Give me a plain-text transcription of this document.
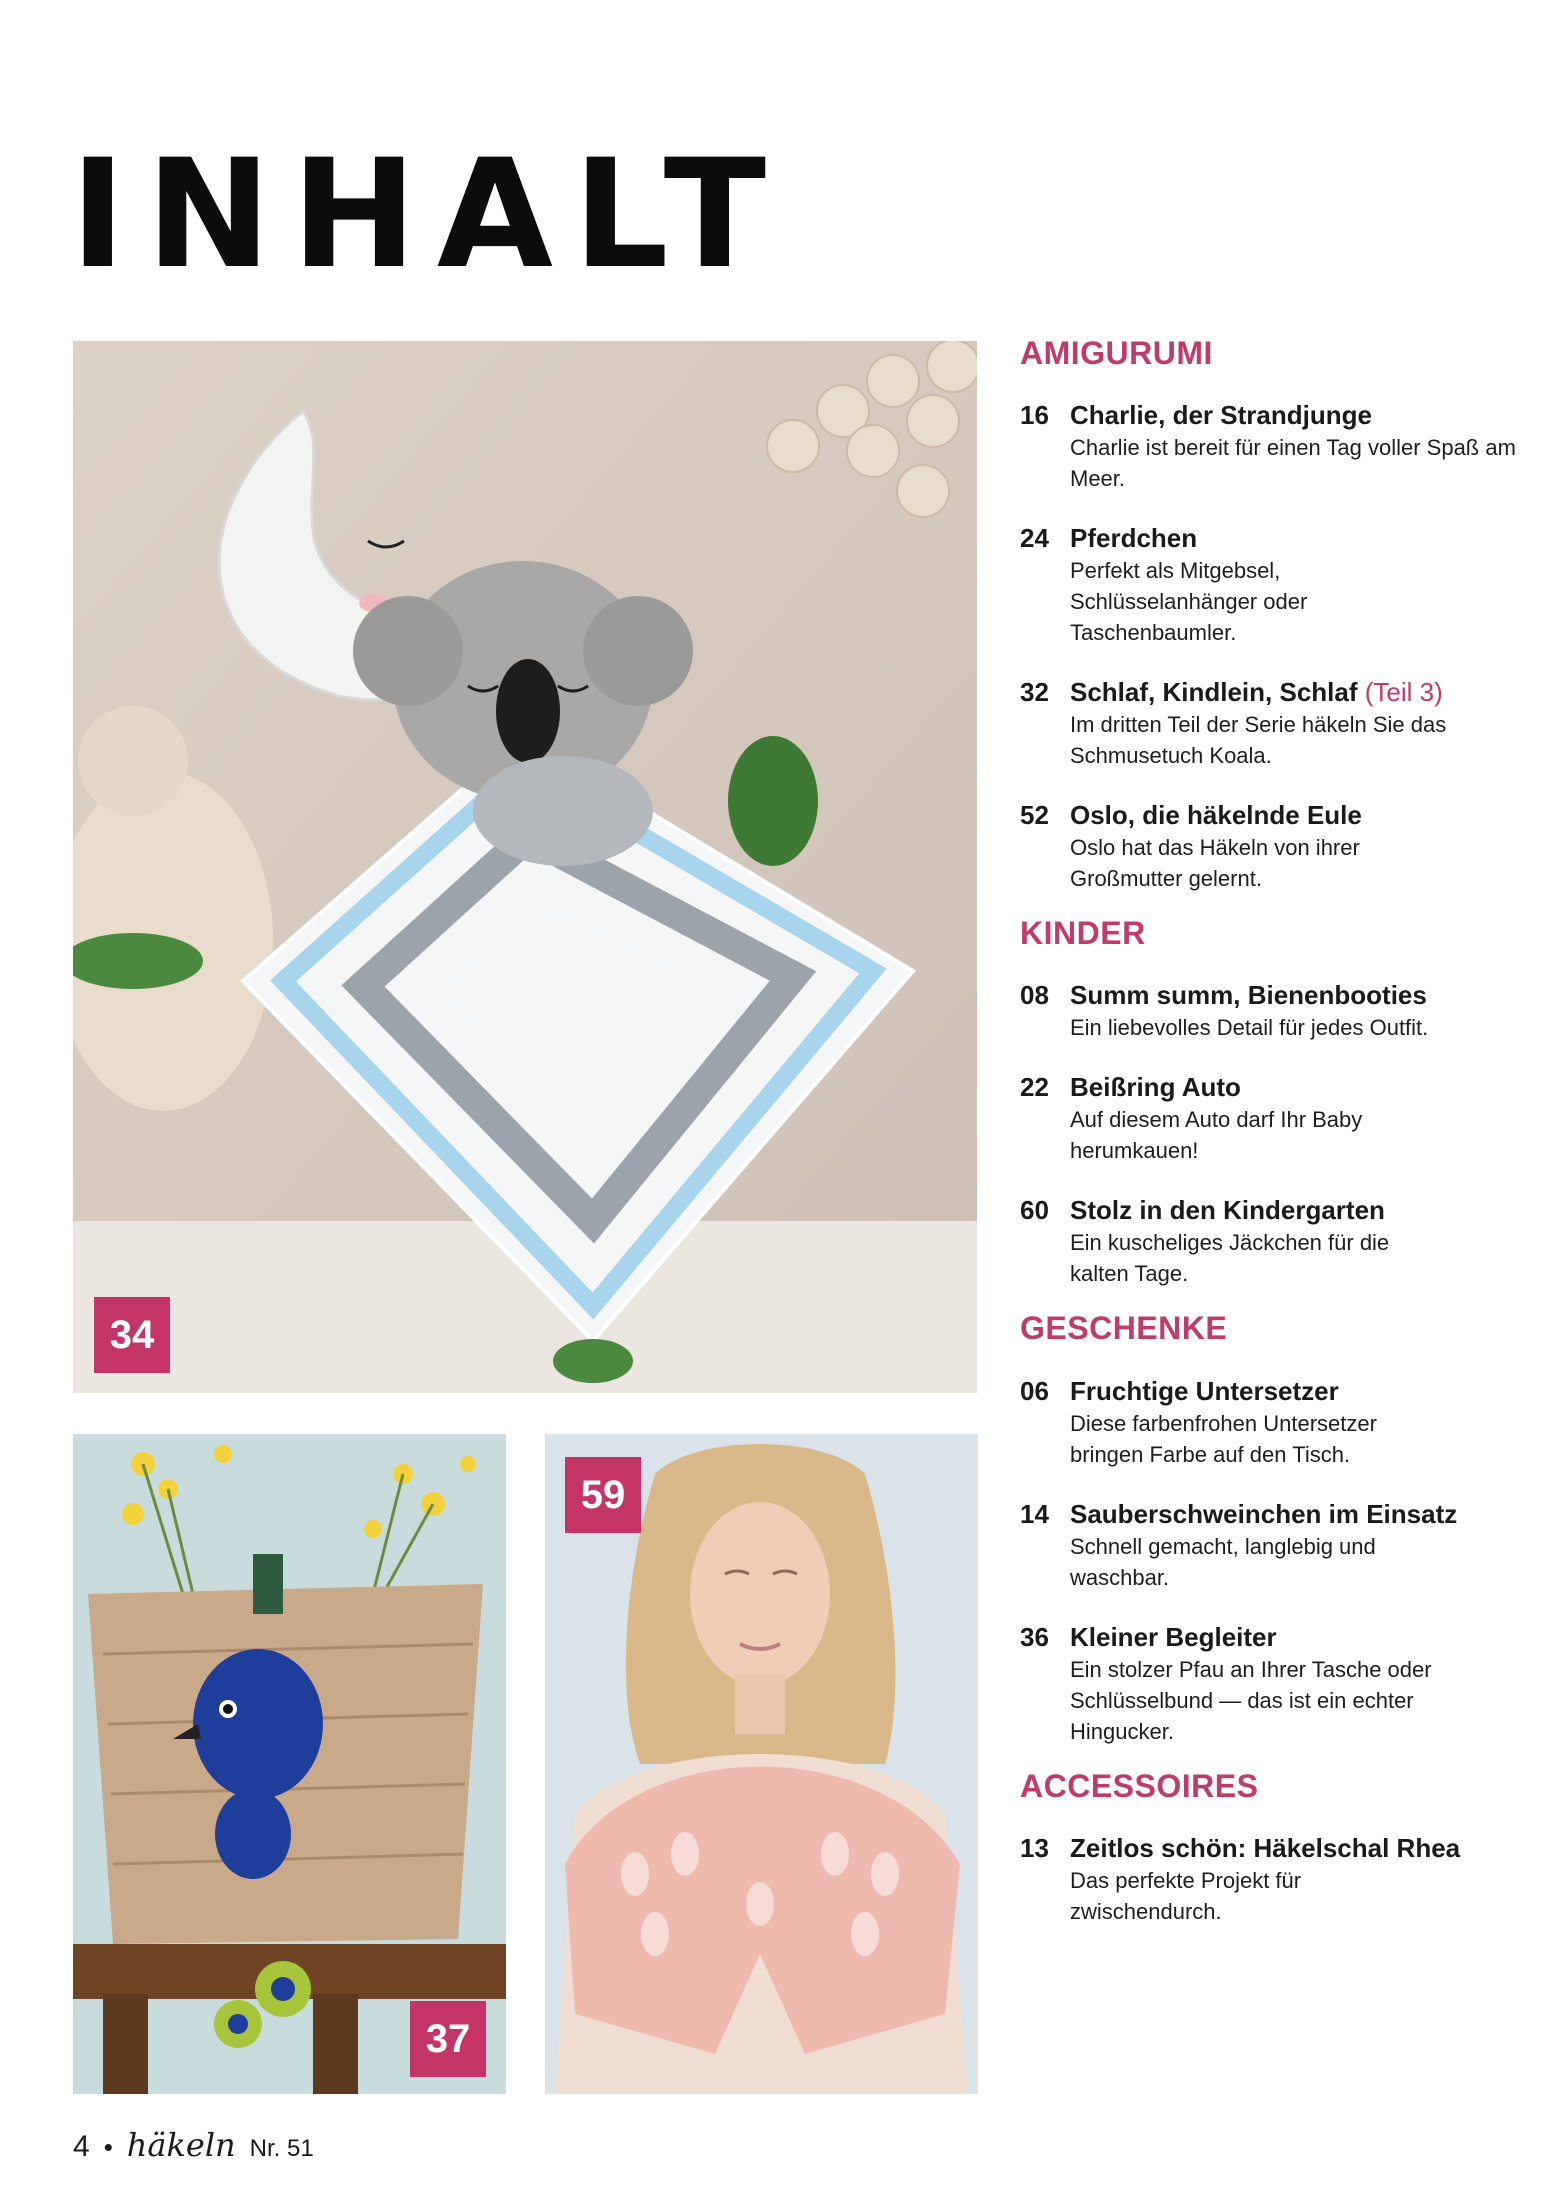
INHALT
34
37
59
AMIGURUMI
16 Charlie, der Strandjunge
Charlie ist bereit für einen Tag voller Spaß am Meer.
24 Pferdchen
Perfekt als Mitgebsel, Schlüsselanhänger oder Taschenbaumler.
32 Schlaf, Kindlein, Schlaf (Teil 3)
Im dritten Teil der Serie häkeln Sie das Schmusetuch Koala.
52 Oslo, die häkelnde Eule
Oslo hat das Häkeln von ihrer Großmutter gelernt.
KINDER
08 Summ summ, Bienenbooties
Ein liebevolles Detail für jedes Outfit.
22 Beißring Auto
Auf diesem Auto darf Ihr Baby herumkauen!
60 Stolz in den Kindergarten
Ein kuscheliges Jäckchen für die kalten Tage.
GESCHENKE
06 Fruchtige Untersetzer
Diese farbenfrohen Untersetzer bringen Farbe auf den Tisch.
14 Sauberschweinchen im Einsatz
Schnell gemacht, langlebig und waschbar.
36 Kleiner Begleiter
Ein stolzer Pfau an Ihrer Tasche oder Schlüsselbund — das ist ein echter Hingucker.
ACCESSOIRES
13 Zeitlos schön: Häkelschal Rhea
Das perfekte Projekt für zwischendurch.
4 • häkeln Nr. 51
